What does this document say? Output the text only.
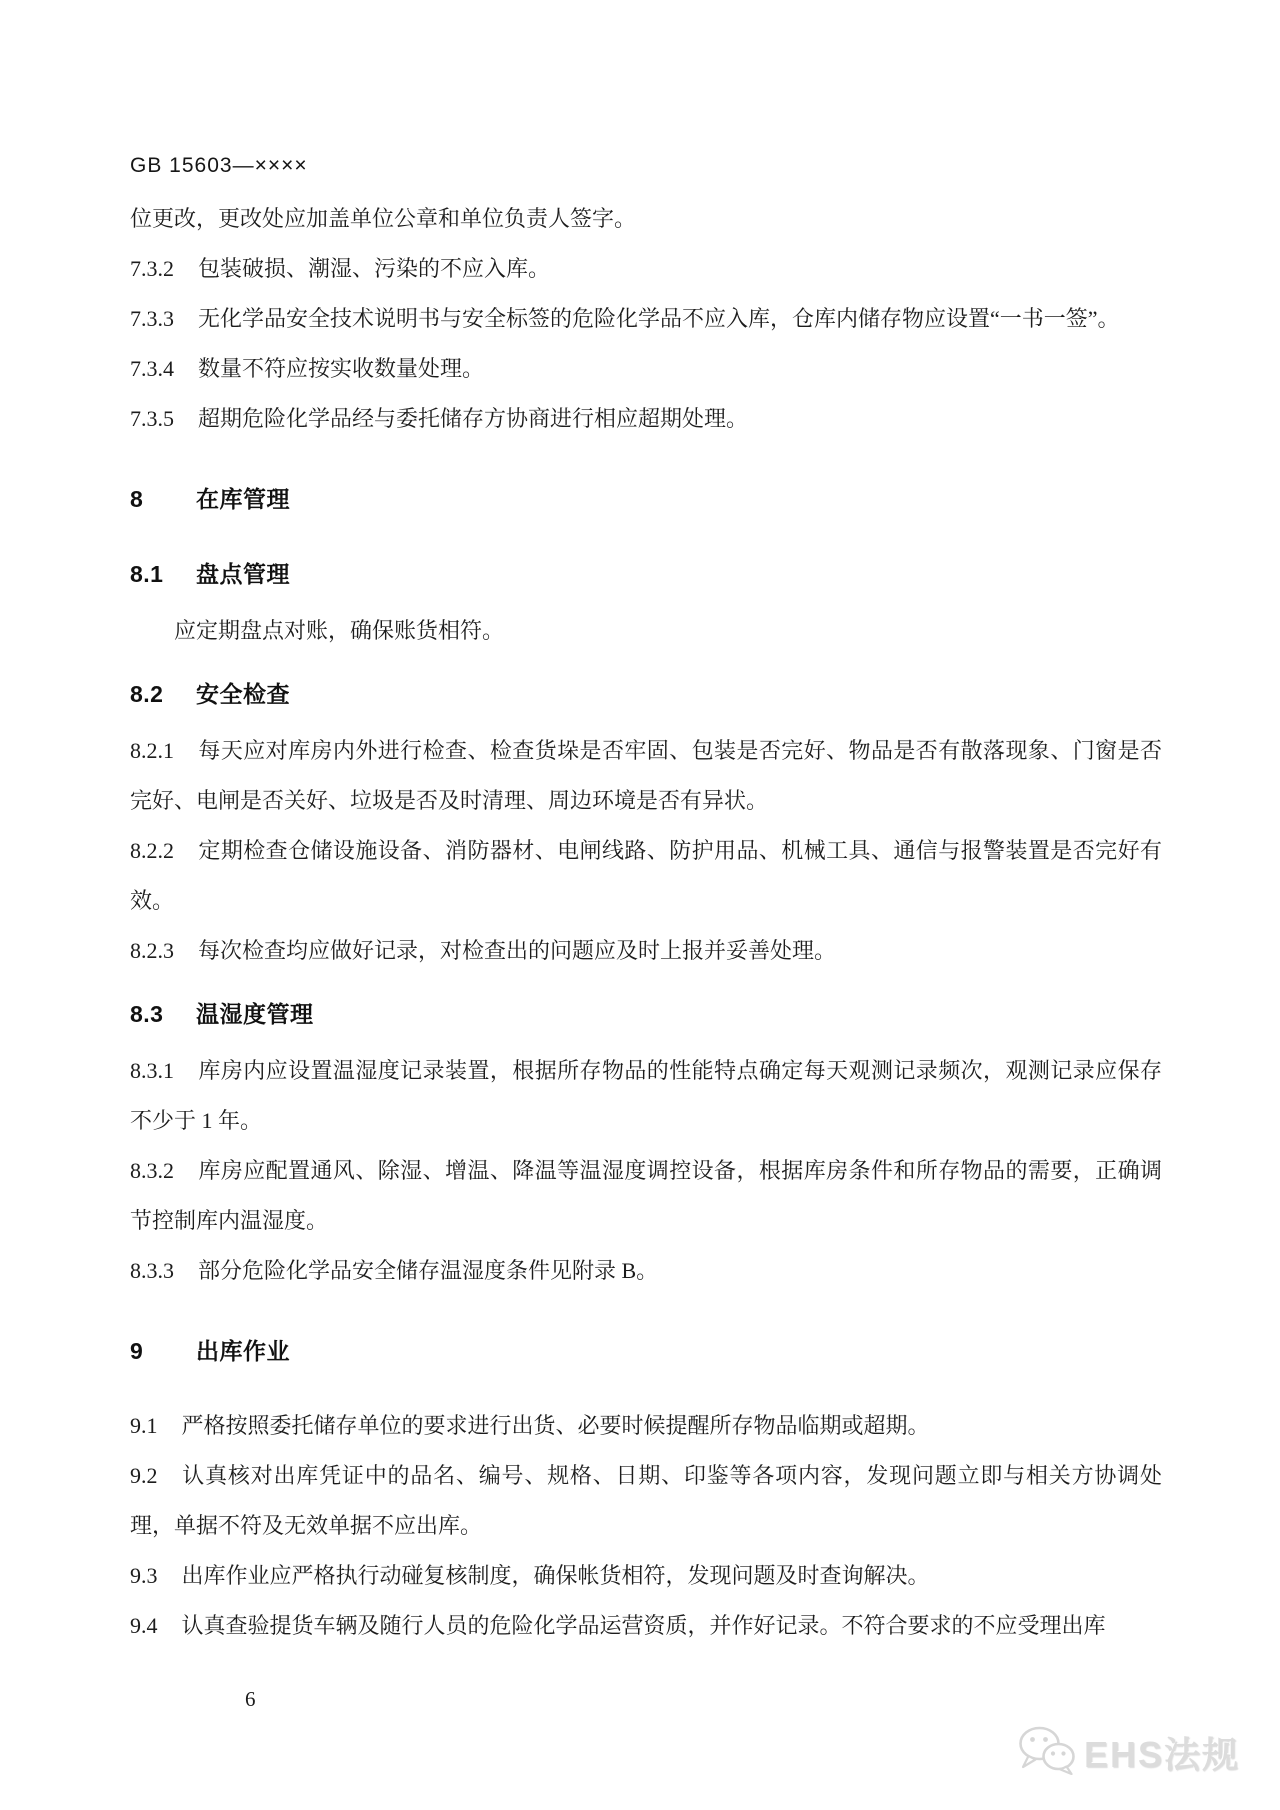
GB 15603—××××

位更改，更改处应加盖单位公章和单位负责人签字。

7.3.2 包装破损、潮湿、污染的不应入库。

7.3.3 无化学品安全技术说明书与安全标签的危险化学品不应入库，仓库内储存物应设置“一书一签”。

7.3.4 数量不符应按实收数量处理。

7.3.5 超期危险化学品经与委托储存方协商进行相应超期处理。

8 在库管理
8.1 盘点管理

应定期盘点对账，确保账货相符。

8.2 安全检查

8.2.1 每天应对库房内外进行检查、检查货垛是否牢固、包装是否完好、物品是否有散落现象、门窗是否完好、电闸是否关好、垃圾是否及时清理、周边环境是否有异状。

8.2.2 定期检查仓储设施设备、消防器材、电闸线路、防护用品、机械工具、通信与报警装置是否完好有效。

8.2.3 每次检查均应做好记录，对检查出的问题应及时上报并妥善处理。

8.3 温湿度管理

8.3.1 库房内应设置温湿度记录装置，根据所存物品的性能特点确定每天观测记录频次，观测记录应保存不少于 1 年。

8.3.2 库房应配置通风、除湿、增温、降温等温湿度调控设备，根据库房条件和所存物品的需要，正确调节控制库内温湿度。

8.3.3 部分危险化学品安全储存温湿度条件见附录 B。

9 出库作业

9.1 严格按照委托储存单位的要求进行出货、必要时候提醒所存物品临期或超期。

9.2 认真核对出库凭证中的品名、编号、规格、日期、印鉴等各项内容，发现问题立即与相关方协调处理，单据不符及无效单据不应出库。

9.3 出库作业应严格执行动碰复核制度，确保帐货相符，发现问题及时查询解决。

9.4 认真查验提货车辆及随行人员的危险化学品运营资质，并作好记录。不符合要求的不应受理出库

6
EHS法规
